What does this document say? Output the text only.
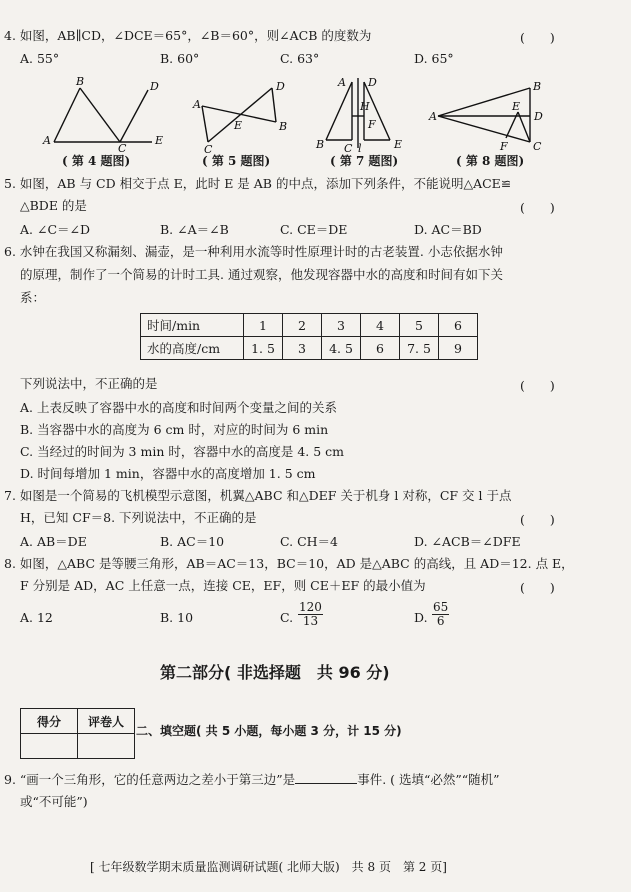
4. 如图，AB∥CD，∠DCE＝65°，∠B＝60°，则∠ACB 的度数为	(　　)
A. 55°	B. 60°	C. 63°	D. 65°
A
B
C
D
E
( 第 4 题图)
A
B
C
D
E
( 第 5 题图)
A
B C
D
E
F
H
l
( 第 7 题图)
A
B
C
D
E
F
( 第 8 题图)
5. 如图，AB 与 CD 相交于点 E，此时 E 是 AB 的中点，添加下列条件，不能说明△ACE≌
△BDE 的是	(　　)
A. ∠C＝∠D	B. ∠A＝∠B	C. CE＝DE	D. AC＝BD
6. 水钟在我国又称漏刻、漏壶，是一种利用水流等时性原理计时的古老装置. 小志依据水钟
的原理，制作了一个简易的计时工具. 通过观察，他发现容器中水的高度和时间有如下关
系：
时间/min	1	2	3	4	5	6
水的高度/cm	1. 5	3	4. 5	6	7. 5	9
下列说法中，不正确的是	(　　)
A. 上表反映了容器中水的高度和时间两个变量之间的关系
B. 当容器中水的高度为 6 cm 时，对应的时间为 6 min
C. 当经过的时间为 3 min 时，容器中水的高度是 4. 5 cm
D. 时间每增加 1 min，容器中水的高度增加 1. 5 cm
7. 如图是一个简易的飞机模型示意图，机翼△ABC 和△DEF 关于机身 l 对称，CF 交 l 于点
H，已知 CF＝8. 下列说法中，不正确的是	(　　)
A. AB＝DE	B. AC＝10	C. CH＝4	D. ∠ACB＝∠DFE
8. 如图，△ABC 是等腰三角形，AB＝AC＝13，BC＝10，AD 是△ABC 的高线，且 AD＝12. 点 E，
F 分别是 AD，AC 上任意一点，连接 CE，EF，则 CE＋EF 的最小值为	(　　)
A. 12	B. 10	C. $\frac{120}{13}$	D. $\frac{65}{6}$
第二部分( 非选择题　共 96 分)
得分	评卷人

二、填空题( 共 5 小题，每小题 3 分，计 15 分)
9. “画一个三角形，它的任意两边之差小于第三边”是	事件. ( 选填“必然”“随机”
或“不可能”)
[ 七年级数学期末质量监测调研试题( 北师大版)　共 8 页　第 2 页]
